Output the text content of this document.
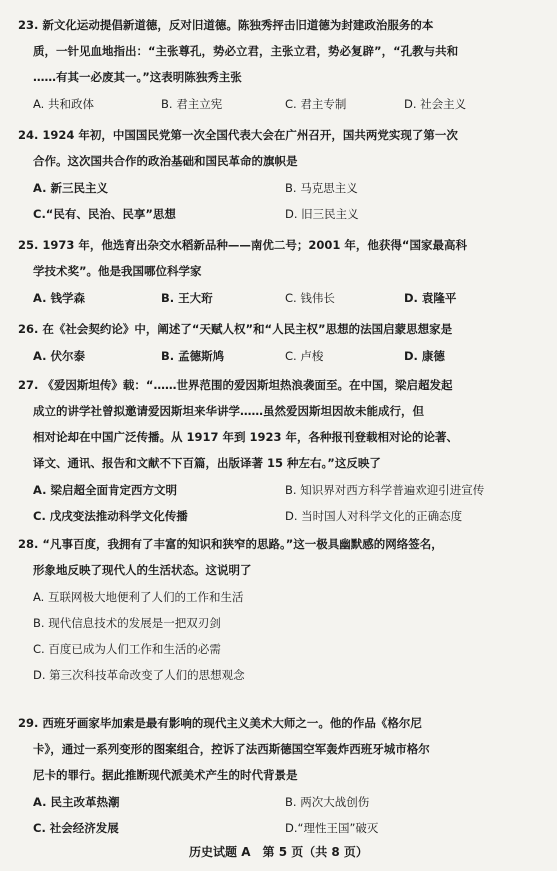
23. 新文化运动提倡新道德，反对旧道德。陈独秀抨击旧道德为封建政治服务的本
质，一针见血地指出：“主张尊孔，势必立君，主张立君，势必复辟”，“孔教与共和
……有其一必废其一。”这表明陈独秀主张
A. 共和政体	B. 君主立宪	C. 君主专制	D. 社会主义
24. 1924 年初，中国国民党第一次全国代表大会在广州召开，国共两党实现了第一次
合作。这次国共合作的政治基础和国民革命的旗帜是
A. 新三民主义	B. 马克思主义
C.“民有、民治、民享”思想	D. 旧三民主义
25. 1973 年，他选育出杂交水稻新品种——南优二号；2001 年，他获得“国家最高科
学技术奖”。他是我国哪位科学家
A. 钱学森	B. 王大珩	C. 钱伟长	D. 袁隆平
26. 在《社会契约论》中，阐述了“天赋人权”和“人民主权”思想的法国启蒙思想家是
A. 伏尔泰	B. 孟德斯鸠	C. 卢梭	D. 康德
27. 《爱因斯坦传》载：“……世界范围的爱因斯坦热浪袭面至。在中国，梁启超发起
成立的讲学社曾拟邀请爱因斯坦来华讲学……虽然爱因斯坦因故未能成行，但
相对论却在中国广泛传播。从 1917 年到 1923 年，各种报刊登载相对论的论著、
译文、通讯、报告和文献不下百篇，出版译著 15 种左右。”这反映了
A. 梁启超全面肯定西方文明	B. 知识界对西方科学普遍欢迎引进宣传
C. 戊戌变法推动科学文化传播	D. 当时国人对科学文化的正确态度
28. “凡事百度，我拥有了丰富的知识和狭窄的思路。”这一极具幽默感的网络签名，
形象地反映了现代人的生活状态。这说明了
A. 互联网极大地便利了人们的工作和生活
B. 现代信息技术的发展是一把双刃剑
C. 百度已成为人们工作和生活的必需
D. 第三次科技革命改变了人们的思想观念
29. 西班牙画家毕加索是最有影响的现代主义美术大师之一。他的作品《格尔尼
卡》，通过一系列变形的图案组合，控诉了法西斯德国空军轰炸西班牙城市格尔
尼卡的罪行。据此推断现代派美术产生的时代背景是
A. 民主改革热潮	B. 两次大战创伤
C. 社会经济发展	D.“理性王国”破灭
历史试题 A　第 5 页（共 8 页）
